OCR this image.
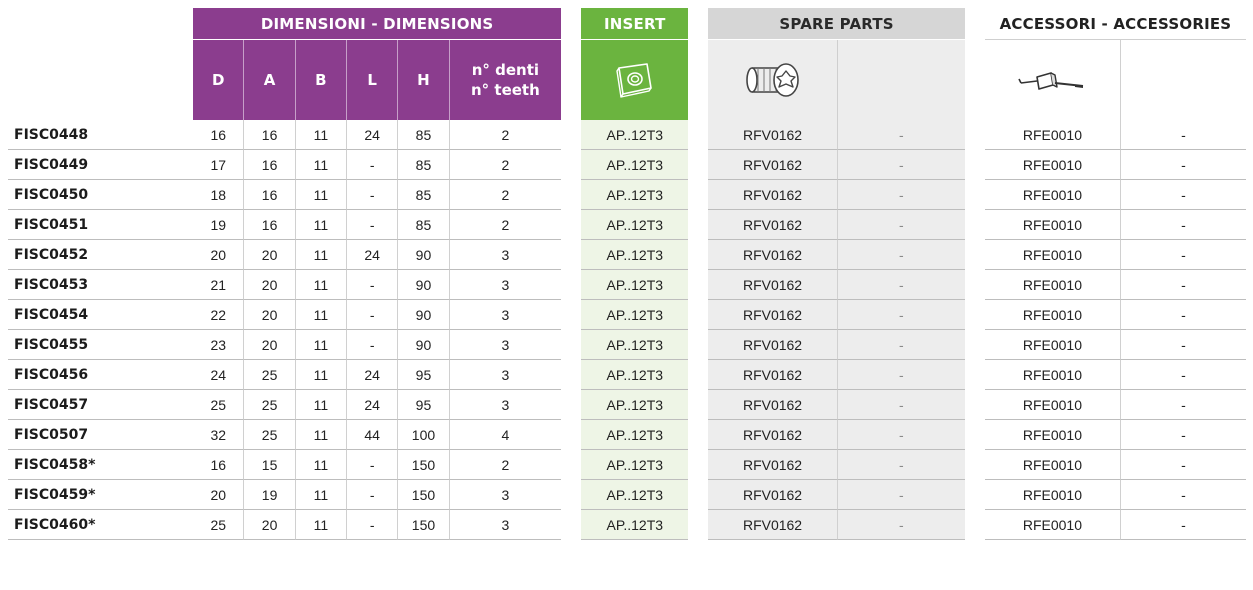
	DIMENSIONI - DIMENSIONS							INSERT		SPARE PARTS			ACCESSORI - ACCESSORIES	
	D	A	B	L	H	n° denti
n° teeth

FISC0448	16	16	11	24	85	2		AP..12T3		RFV0162	-		RFE0010	-
FISC0449	17	16	11	-	85	2		AP..12T3		RFV0162	-		RFE0010	-
FISC0450	18	16	11	-	85	2		AP..12T3		RFV0162	-		RFE0010	-
FISC0451	19	16	11	-	85	2		AP..12T3		RFV0162	-		RFE0010	-
FISC0452	20	20	11	24	90	3		AP..12T3		RFV0162	-		RFE0010	-
FISC0453	21	20	11	-	90	3		AP..12T3		RFV0162	-		RFE0010	-
FISC0454	22	20	11	-	90	3		AP..12T3		RFV0162	-		RFE0010	-
FISC0455	23	20	11	-	90	3		AP..12T3		RFV0162	-		RFE0010	-
FISC0456	24	25	11	24	95	3		AP..12T3		RFV0162	-		RFE0010	-
FISC0457	25	25	11	24	95	3		AP..12T3		RFV0162	-		RFE0010	-
FISC0507	32	25	11	44	100	4		AP..12T3		RFV0162	-		RFE0010	-
FISC0458*	16	15	11	-	150	2		AP..12T3		RFV0162	-		RFE0010	-
FISC0459*	20	19	11	-	150	3		AP..12T3		RFV0162	-		RFE0010	-
FISC0460*	25	20	11	-	150	3		AP..12T3		RFV0162	-		RFE0010	-
